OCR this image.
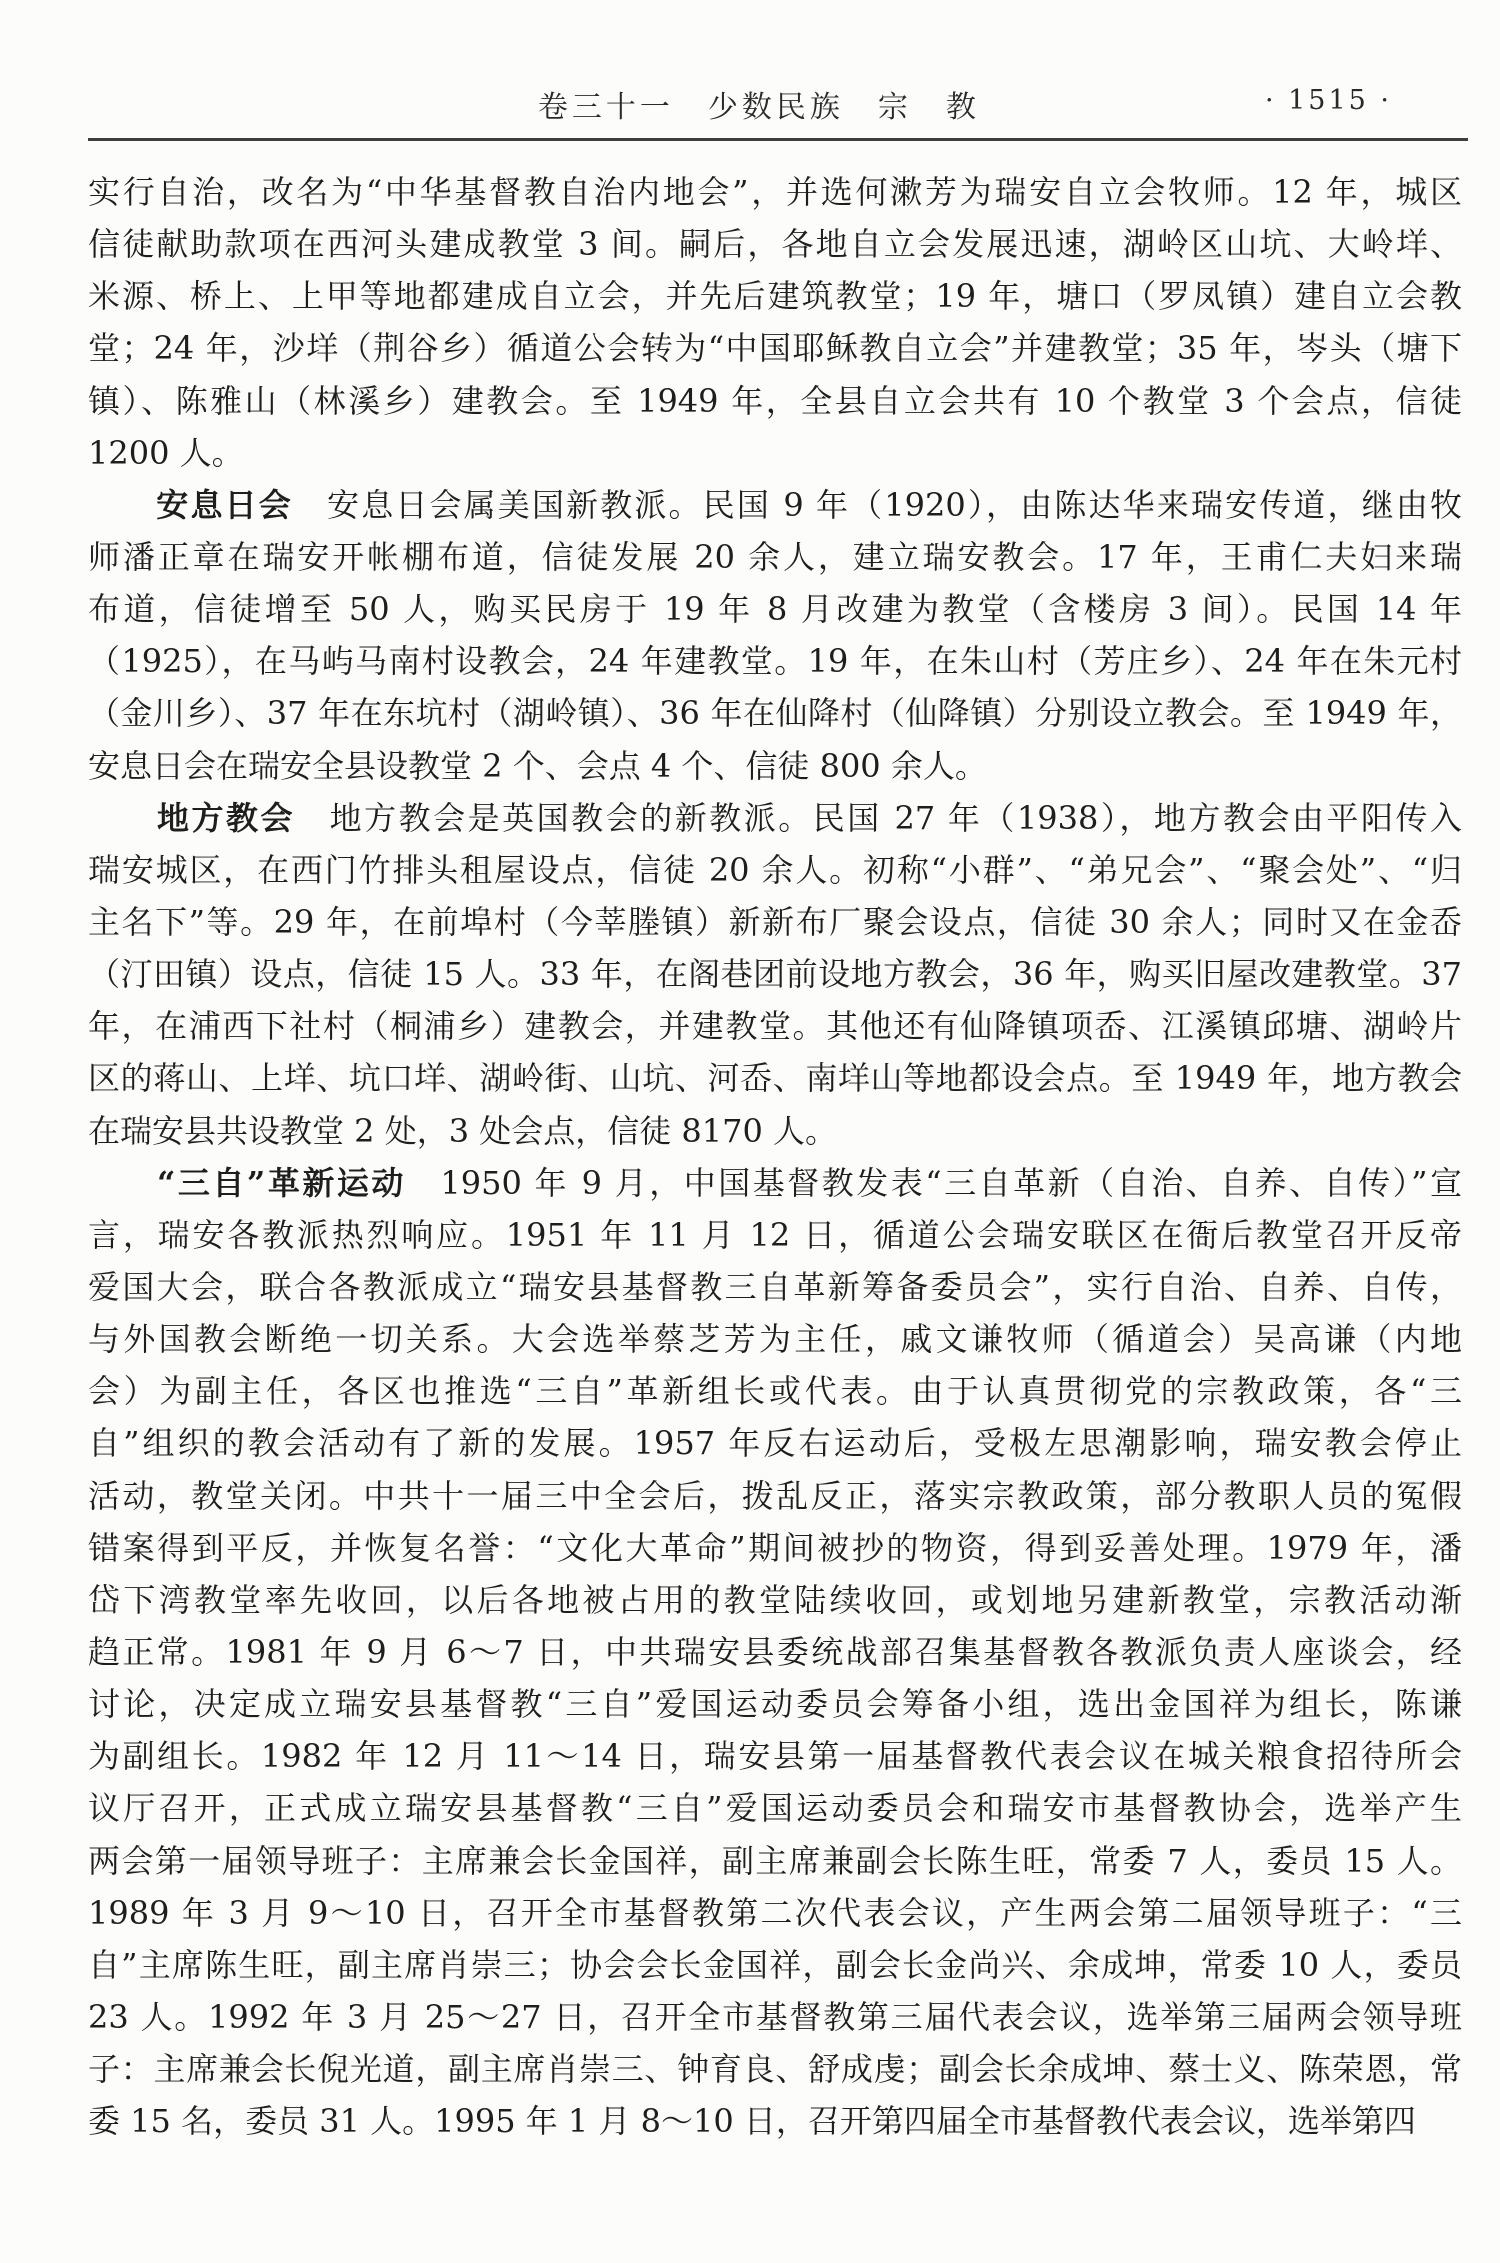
卷三十一　少数民族　宗　教	· 1515 ·
实行自治，改名为“中华基督教自治内地会”，并选何漱芳为瑞安自立会牧师。12 年，城区
信徒献助款项在西河头建成教堂 3 间。嗣后，各地自立会发展迅速，湖岭区山坑、大岭垟、
米源、桥上、上甲等地都建成自立会，并先后建筑教堂；19 年，塘口（罗凤镇）建自立会教
堂；24 年，沙垟（荆谷乡）循道公会转为“中国耶稣教自立会”并建教堂；35 年，岑头（塘下
镇）、陈雅山（林溪乡）建教会。至 1949 年，全县自立会共有 10 个教堂 3 个会点，信徒
1200 人。
　　安息日会　安息日会属美国新教派。民国 9 年（1920），由陈达华来瑞安传道，继由牧
师潘正章在瑞安开帐棚布道，信徒发展 20 余人，建立瑞安教会。17 年，王甫仁夫妇来瑞
布道，信徒增至 50 人，购买民房于 19 年 8 月改建为教堂（含楼房 3 间）。民国 14 年
（1925），在马屿马南村设教会，24 年建教堂。19 年，在朱山村（芳庄乡）、24 年在朱元村
（金川乡）、37 年在东坑村（湖岭镇）、36 年在仙降村（仙降镇）分别设立教会。至 1949 年，
安息日会在瑞安全县设教堂 2 个、会点 4 个、信徒 800 余人。
　　地方教会　地方教会是英国教会的新教派。民国 27 年（1938），地方教会由平阳传入
瑞安城区，在西门竹排头租屋设点，信徒 20 余人。初称“小群”、“弟兄会”、“聚会处”、“归
主名下”等。29 年，在前埠村（今莘塍镇）新新布厂聚会设点，信徒 30 余人；同时又在金岙
（汀田镇）设点，信徒 15 人。33 年，在阁巷团前设地方教会，36 年，购买旧屋改建教堂。37
年，在浦西下社村（桐浦乡）建教会，并建教堂。其他还有仙降镇项岙、江溪镇邱塘、湖岭片
区的蒋山、上垟、坑口垟、湖岭街、山坑、河岙、南垟山等地都设会点。至 1949 年，地方教会
在瑞安县共设教堂 2 处，3 处会点，信徒 8170 人。
　　“三自”革新运动　1950 年 9 月，中国基督教发表“三自革新（自治、自养、自传）”宣
言，瑞安各教派热烈响应。1951 年 11 月 12 日，循道公会瑞安联区在衙后教堂召开反帝
爱国大会，联合各教派成立“瑞安县基督教三自革新筹备委员会”，实行自治、自养、自传，
与外国教会断绝一切关系。大会选举蔡芝芳为主任，戚文谦牧师（循道会）吴高谦（内地
会）为副主任，各区也推选“三自”革新组长或代表。由于认真贯彻党的宗教政策，各“三
自”组织的教会活动有了新的发展。1957 年反右运动后，受极左思潮影响，瑞安教会停止
活动，教堂关闭。中共十一届三中全会后，拨乱反正，落实宗教政策，部分教职人员的冤假
错案得到平反，并恢复名誉：“文化大革命”期间被抄的物资，得到妥善处理。1979 年，潘
岱下湾教堂率先收回，以后各地被占用的教堂陆续收回，或划地另建新教堂，宗教活动渐
趋正常。1981 年 9 月 6～7 日，中共瑞安县委统战部召集基督教各教派负责人座谈会，经
讨论，决定成立瑞安县基督教“三自”爱国运动委员会筹备小组，选出金国祥为组长，陈谦
为副组长。1982 年 12 月 11～14 日，瑞安县第一届基督教代表会议在城关粮食招待所会
议厅召开，正式成立瑞安县基督教“三自”爱国运动委员会和瑞安市基督教协会，选举产生
两会第一届领导班子：主席兼会长金国祥，副主席兼副会长陈生旺，常委 7 人，委员 15 人。
1989 年 3 月 9～10 日，召开全市基督教第二次代表会议，产生两会第二届领导班子：“三
自”主席陈生旺，副主席肖崇三；协会会长金国祥，副会长金尚兴、余成坤，常委 10 人，委员
23 人。1992 年 3 月 25～27 日，召开全市基督教第三届代表会议，选举第三届两会领导班
子：主席兼会长倪光道，副主席肖崇三、钟育良、舒成虔；副会长余成坤、蔡士义、陈荣恩，常
委 15 名，委员 31 人。1995 年 1 月 8～10 日，召开第四届全市基督教代表会议，选举第四
